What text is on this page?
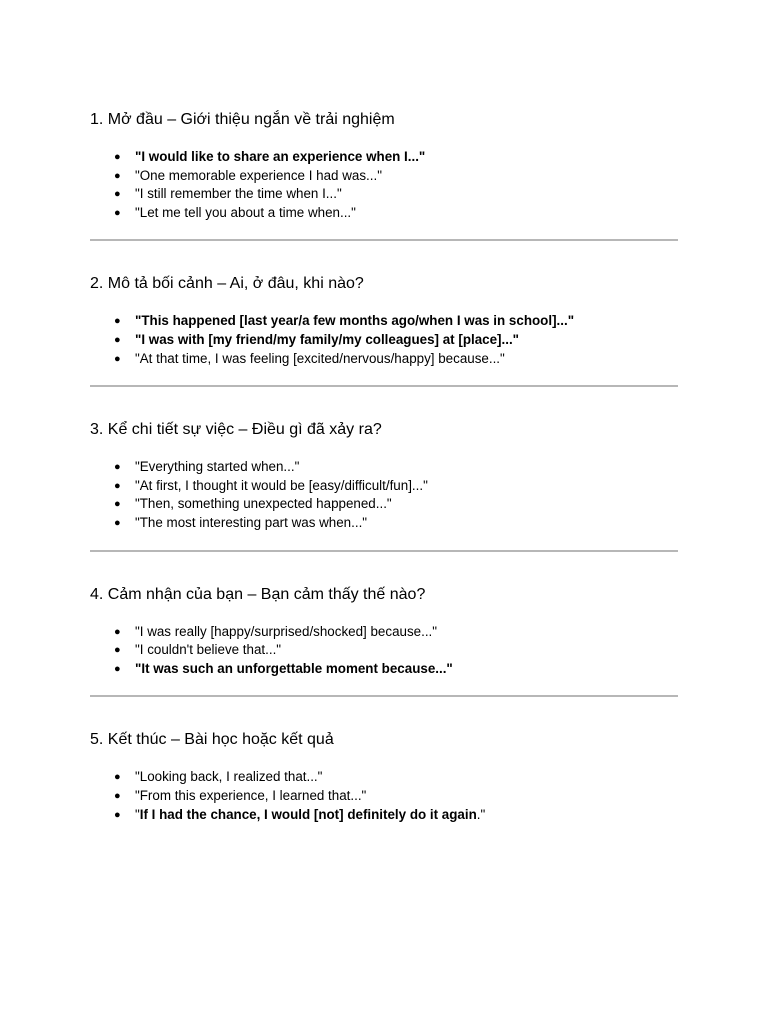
1. Mở đầu – Giới thiệu ngắn về trải nghiệm
● "I would like to share an experience when I..."
● "One memorable experience I had was..."
● "I still remember the time when I..."
● "Let me tell you about a time when..."
2. Mô tả bối cảnh – Ai, ở đâu, khi nào?
● "This happened [last year/a few months ago/when I was in school]..."
● "I was with [my friend/my family/my colleagues] at [place]..."
● "At that time, I was feeling [excited/nervous/happy] because..."
3. Kể chi tiết sự việc – Điều gì đã xảy ra?
● "Everything started when..."
● "At first, I thought it would be [easy/difficult/fun]..."
● "Then, something unexpected happened..."
● "The most interesting part was when..."
4. Cảm nhận của bạn – Bạn cảm thấy thế nào?
● "I was really [happy/surprised/shocked] because..."
● "I couldn't believe that..."
● "It was such an unforgettable moment because..."
5. Kết thúc – Bài học hoặc kết quả
● "Looking back, I realized that..."
● "From this experience, I learned that..."
● "If I had the chance, I would [not] definitely do it again."
